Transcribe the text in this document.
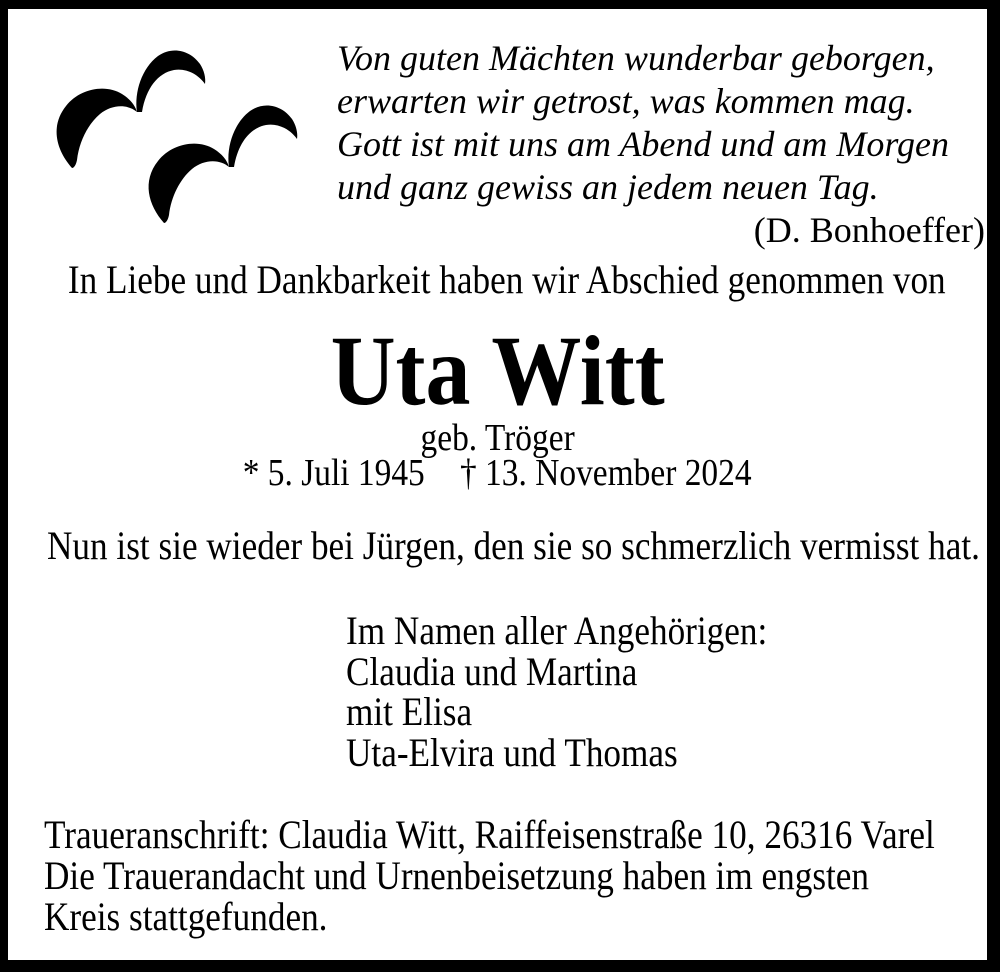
Von guten Mächten wunderbar geborgen,
erwarten wir getrost, was kommen mag.
Gott ist mit uns am Abend und am Morgen
und ganz gewiss an jedem neuen Tag.
(D. Bonhoeffer)
In Liebe und Dankbarkeit haben wir Abschied genommen von
Uta Witt
geb. Tröger
* 5. Juli 1945 † 13. November 2024
Nun ist sie wieder bei Jürgen, den sie so schmerzlich vermisst hat.
Im Namen aller Angehörigen:
Claudia und Martina
mit Elisa
Uta-Elvira und Thomas
Traueranschrift: Claudia Witt, Raiffeisenstraße 10, 26316 Varel
Die Trauerandacht und Urnenbeisetzung haben im engsten
Kreis stattgefunden.
